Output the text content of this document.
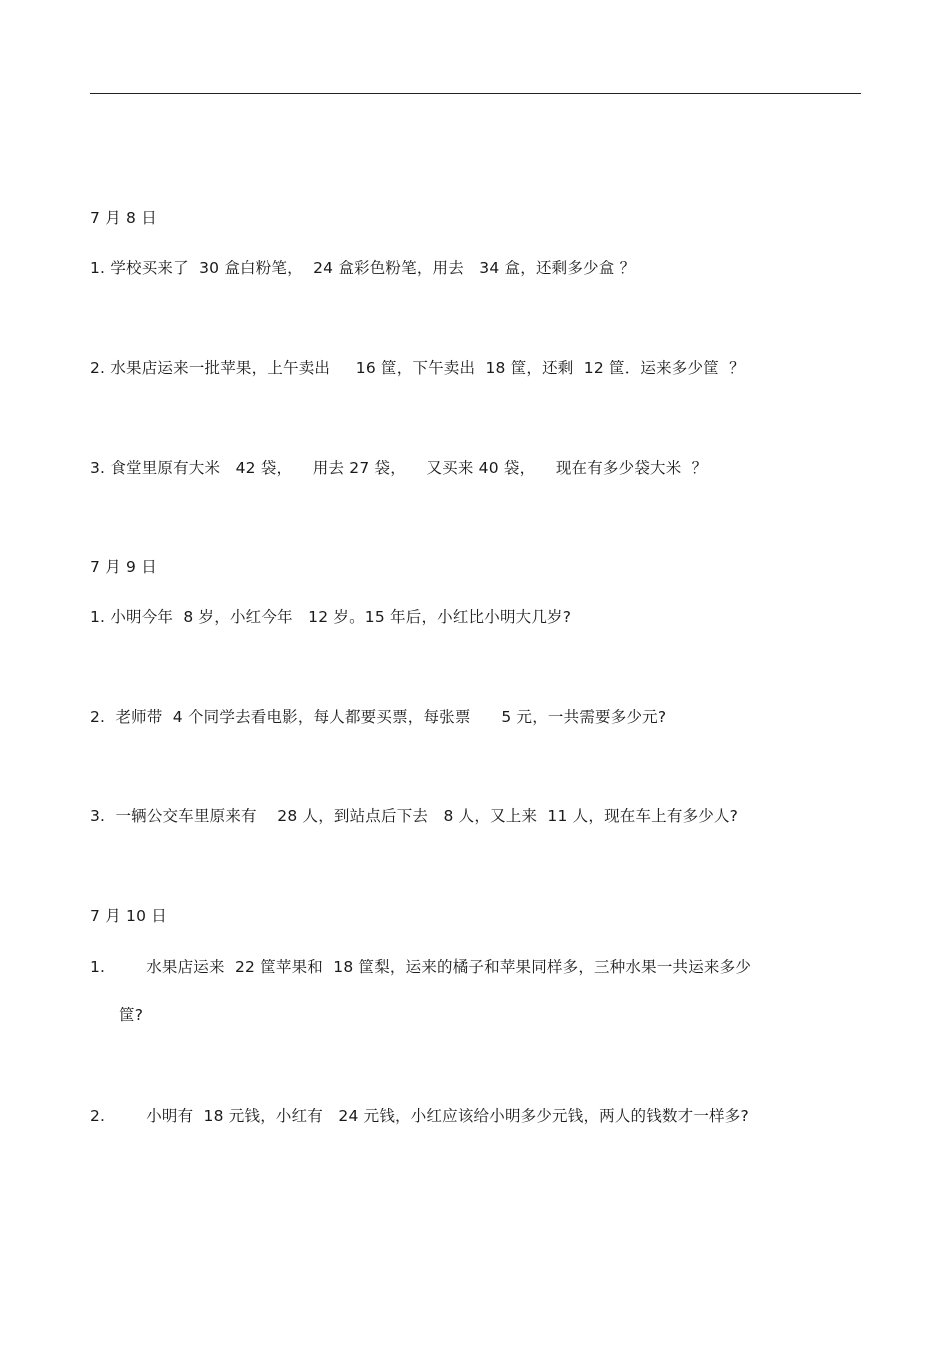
7 月 8 日
1. 学校买来了  30 盒白粉笔，  24 盒彩色粉笔，用去   34 盒，还剩多少盒 ？
2. 水果店运来一批苹果，上午卖出     16 筐，下午卖出  18 筐，还剩  12 筐．运来多少筐  ？
3. 食堂里原有大米   42 袋，    用去 27 袋，    又买来 40 袋，    现在有多少袋大米  ？
7 月 9 日
1. 小明今年  8 岁，小红今年   12 岁。15 年后，小红比小明大几岁?
2.  老师带  4 个同学去看电影，每人都要买票，每张票      5 元，一共需要多少元?
3.  一辆公交车里原来有    28 人，到站点后下去   8 人，又上来  11 人，现在车上有多少人?
7 月 10 日
1.        水果店运来  22 筐苹果和  18 筐梨，运来的橘子和苹果同样多，三种水果一共运来多少
筐?
2.        小明有  18 元钱，小红有   24 元钱，小红应该给小明多少元钱，两人的钱数才一样多?
